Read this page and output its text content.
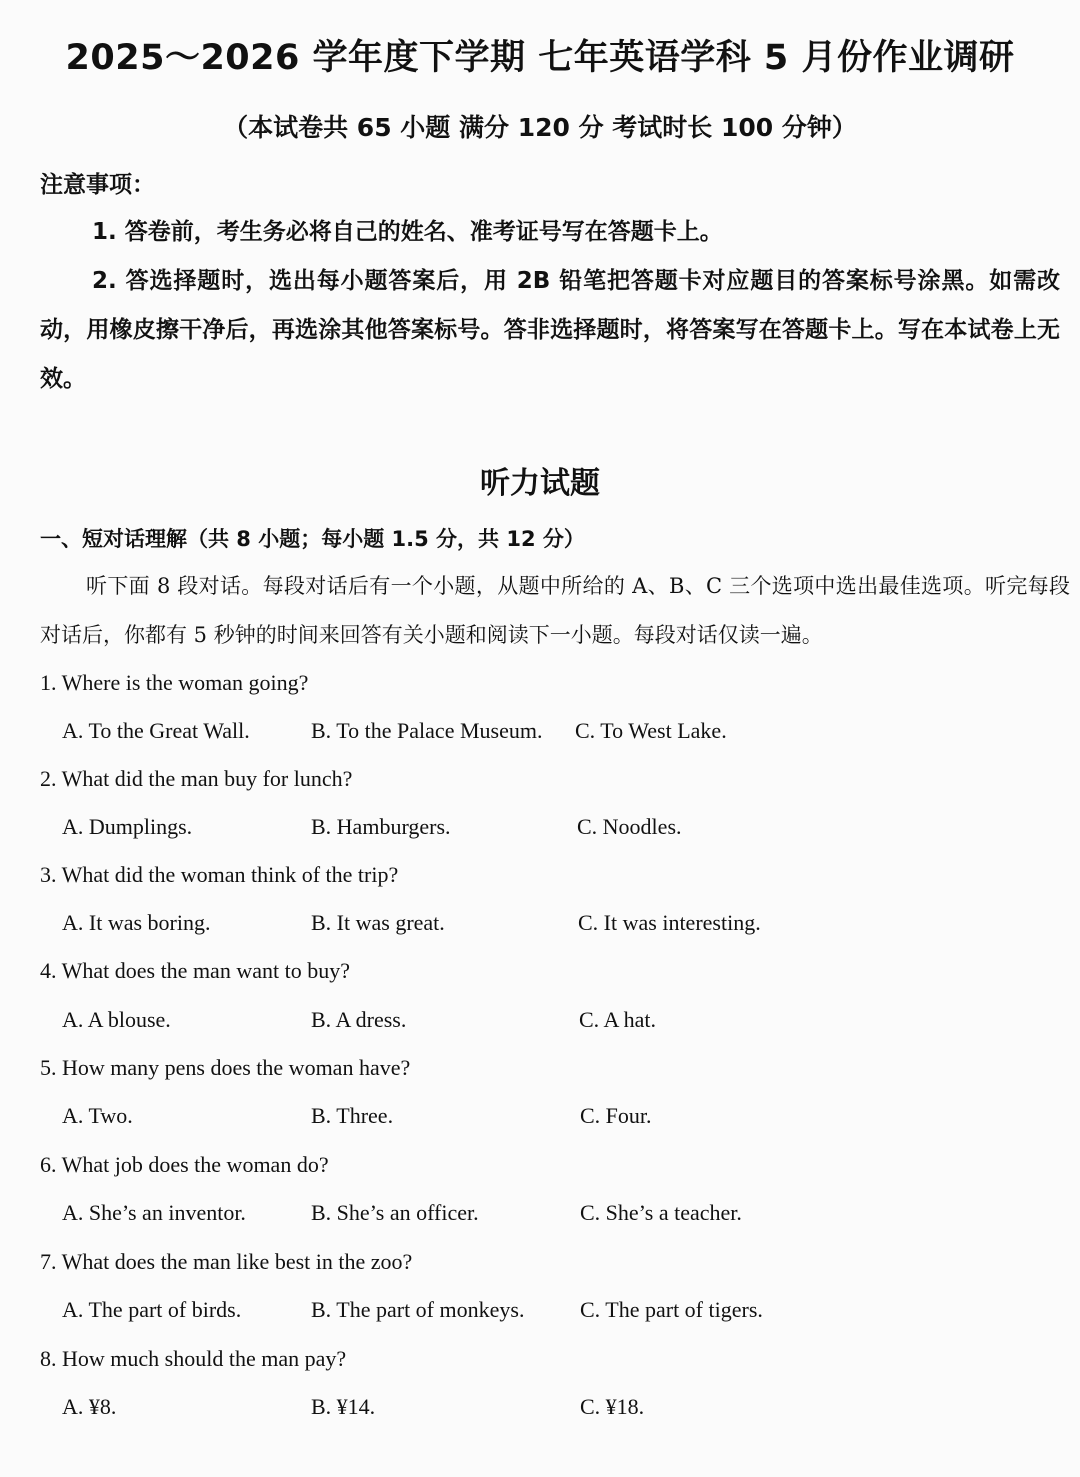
2025～2026 学年度下学期 七年英语学科 5 月份作业调研
（本试卷共 65 小题 满分 120 分 考试时长 100 分钟）
注意事项：
1. 答卷前，考生务必将自己的姓名、准考证号写在答题卡上。
2. 答选择题时，选出每小题答案后，用 2B 铅笔把答题卡对应题目的答案标号涂黑。如需改动，用橡皮擦干净后，再选涂其他答案标号。答非选择题时，将答案写在答题卡上。写在本试卷上无效。
听力试题
一、短对话理解（共 8 小题；每小题 1.5 分，共 12 分）
听下面 8 段对话。每段对话后有一个小题，从题中所给的 A、B、C 三个选项中选出最佳选项。听完每段对话后，你都有 5 秒钟的时间来回答有关小题和阅读下一小题。每段对话仅读一遍。
1. Where is the woman going?
A. To the Great Wall.	B. To the Palace Museum. C. To West Lake.
2. What did the man buy for lunch?
A. Dumplings.	B. Hamburgers.	C. Noodles.
3. What did the woman think of the trip?
A. It was boring.	B. It was great.	C. It was interesting.
4. What does the man want to buy?
A. A blouse.	B. A dress.	C. A hat.
5. How many pens does the woman have?
A. Two.	B. Three.	C. Four.
6. What job does the woman do?
A. She’s an inventor.	B. She’s an officer.	C. She’s a teacher.
7. What does the man like best in the zoo?
A. The part of birds.	B. The part of monkeys.	C. The part of tigers.
8. How much should the man pay?
A. ¥8.	B. ¥14.	C. ¥18.
